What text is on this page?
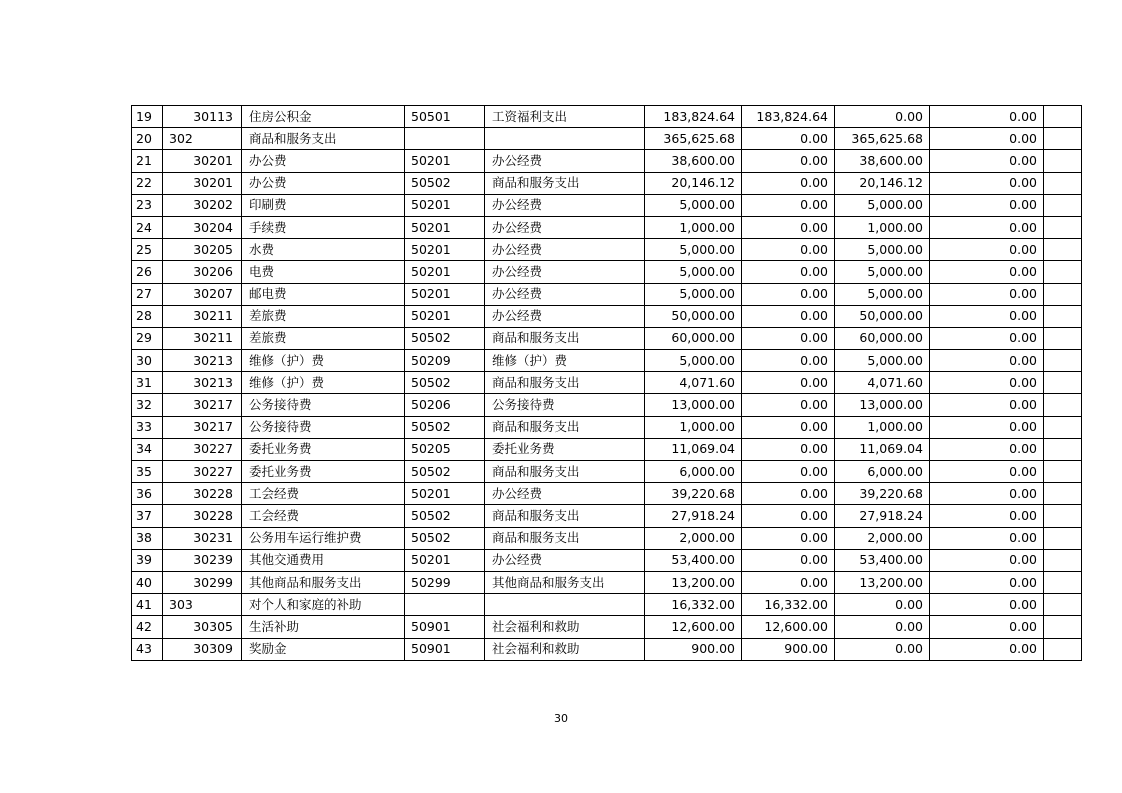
19	30113	住房公积金	50501	工资福利支出	183,824.64	183,824.64	0.00	0.00	
20	302	商品和服务支出			365,625.68	0.00	365,625.68	0.00	
21	30201	办公费	50201	办公经费	38,600.00	0.00	38,600.00	0.00	
22	30201	办公费	50502	商品和服务支出	20,146.12	0.00	20,146.12	0.00	
23	30202	印刷费	50201	办公经费	5,000.00	0.00	5,000.00	0.00	
24	30204	手续费	50201	办公经费	1,000.00	0.00	1,000.00	0.00	
25	30205	水费	50201	办公经费	5,000.00	0.00	5,000.00	0.00	
26	30206	电费	50201	办公经费	5,000.00	0.00	5,000.00	0.00	
27	30207	邮电费	50201	办公经费	5,000.00	0.00	5,000.00	0.00	
28	30211	差旅费	50201	办公经费	50,000.00	0.00	50,000.00	0.00	
29	30211	差旅费	50502	商品和服务支出	60,000.00	0.00	60,000.00	0.00	
30	30213	维修（护）费	50209	维修（护）费	5,000.00	0.00	5,000.00	0.00	
31	30213	维修（护）费	50502	商品和服务支出	4,071.60	0.00	4,071.60	0.00	
32	30217	公务接待费	50206	公务接待费	13,000.00	0.00	13,000.00	0.00	
33	30217	公务接待费	50502	商品和服务支出	1,000.00	0.00	1,000.00	0.00	
34	30227	委托业务费	50205	委托业务费	11,069.04	0.00	11,069.04	0.00	
35	30227	委托业务费	50502	商品和服务支出	6,000.00	0.00	6,000.00	0.00	
36	30228	工会经费	50201	办公经费	39,220.68	0.00	39,220.68	0.00	
37	30228	工会经费	50502	商品和服务支出	27,918.24	0.00	27,918.24	0.00	
38	30231	公务用车运行维护费	50502	商品和服务支出	2,000.00	0.00	2,000.00	0.00	
39	30239	其他交通费用	50201	办公经费	53,400.00	0.00	53,400.00	0.00	
40	30299	其他商品和服务支出	50299	其他商品和服务支出	13,200.00	0.00	13,200.00	0.00	
41	303	对个人和家庭的补助			16,332.00	16,332.00	0.00	0.00	
42	30305	生活补助	50901	社会福利和救助	12,600.00	12,600.00	0.00	0.00	
43	30309	奖励金	50901	社会福利和救助	900.00	900.00	0.00	0.00	
30
